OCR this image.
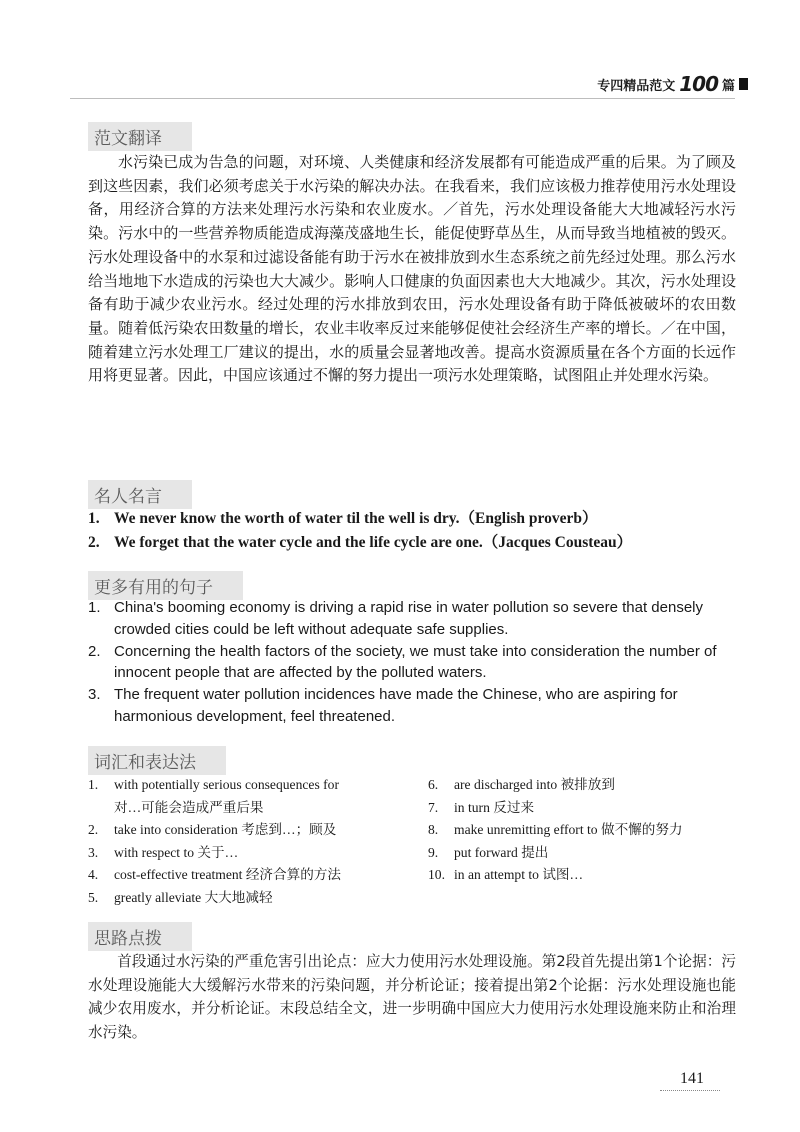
专四精品范文 100 篇
范文翻译

水污染已成为告急的问题，对环境、人类健康和经济发展都有可能造成严重的后果。为了顾及到这些因素，我们必须考虑关于水污染的解决办法。在我看来，我们应该极力推荐使用污水处理设备，用经济合算的方法来处理污水污染和农业废水。／首先，污水处理设备能大大地减轻污水污染。污水中的一些营养物质能造成海藻茂盛地生长，能促使野草丛生，从而导致当地植被的毁灭。污水处理设备中的水泵和过滤设备能有助于污水在被排放到水生态系统之前先经过处理。那么污水给当地地下水造成的污染也大大减少。影响人口健康的负面因素也大大地减少。其次，污水处理设备有助于减少农业污水。经过处理的污水排放到农田，污水处理设备有助于降低被破坏的农田数量。随着低污染农田数量的增长，农业丰收率反过来能够促使社会经济生产率的增长。／在中国，随着建立污水处理工厂建议的提出，水的质量会显著地改善。提高水资源质量在各个方面的长远作用将更显著。因此，中国应该通过不懈的努力提出一项污水处理策略，试图阻止并处理水污染。

名人名言
1. We never know the worth of water til the well is dry.（English proverb）
2. We forget that the water cycle and the life cycle are one.（Jacques Cousteau）
更多有用的句子
1. China's booming economy is driving a rapid rise in water pollution so severe that densely crowded cities could be left without adequate safe supplies.
2. Concerning the health factors of the society, we must take into consideration the number of innocent people that are affected by the polluted waters.
3. The frequent water pollution incidences have made the Chinese, who are aspiring for harmonious development, feel threatened.
词汇和表达法
1.	with potentially serious consequences for
对…可能会造成严重后果
2.	take into consideration 考虑到…；顾及
3.	with respect to 关于…
4.	cost-effective treatment 经济合算的方法
5.	greatly alleviate 大大地减轻
6.	are discharged into 被排放到
7.	in turn 反过来
8.	make unremitting effort to 做不懈的努力
9.	put forward 提出
10. in an attempt to 试图…
思路点拨

首段通过水污染的严重危害引出论点：应大力使用污水处理设施。第2段首先提出第1个论据：污水处理设施能大大缓解污水带来的污染问题，并分析论证；接着提出第2个论据：污水处理设施也能减少农用废水，并分析论证。末段总结全文，进一步明确中国应大力使用污水处理设施来防止和治理水污染。

141
